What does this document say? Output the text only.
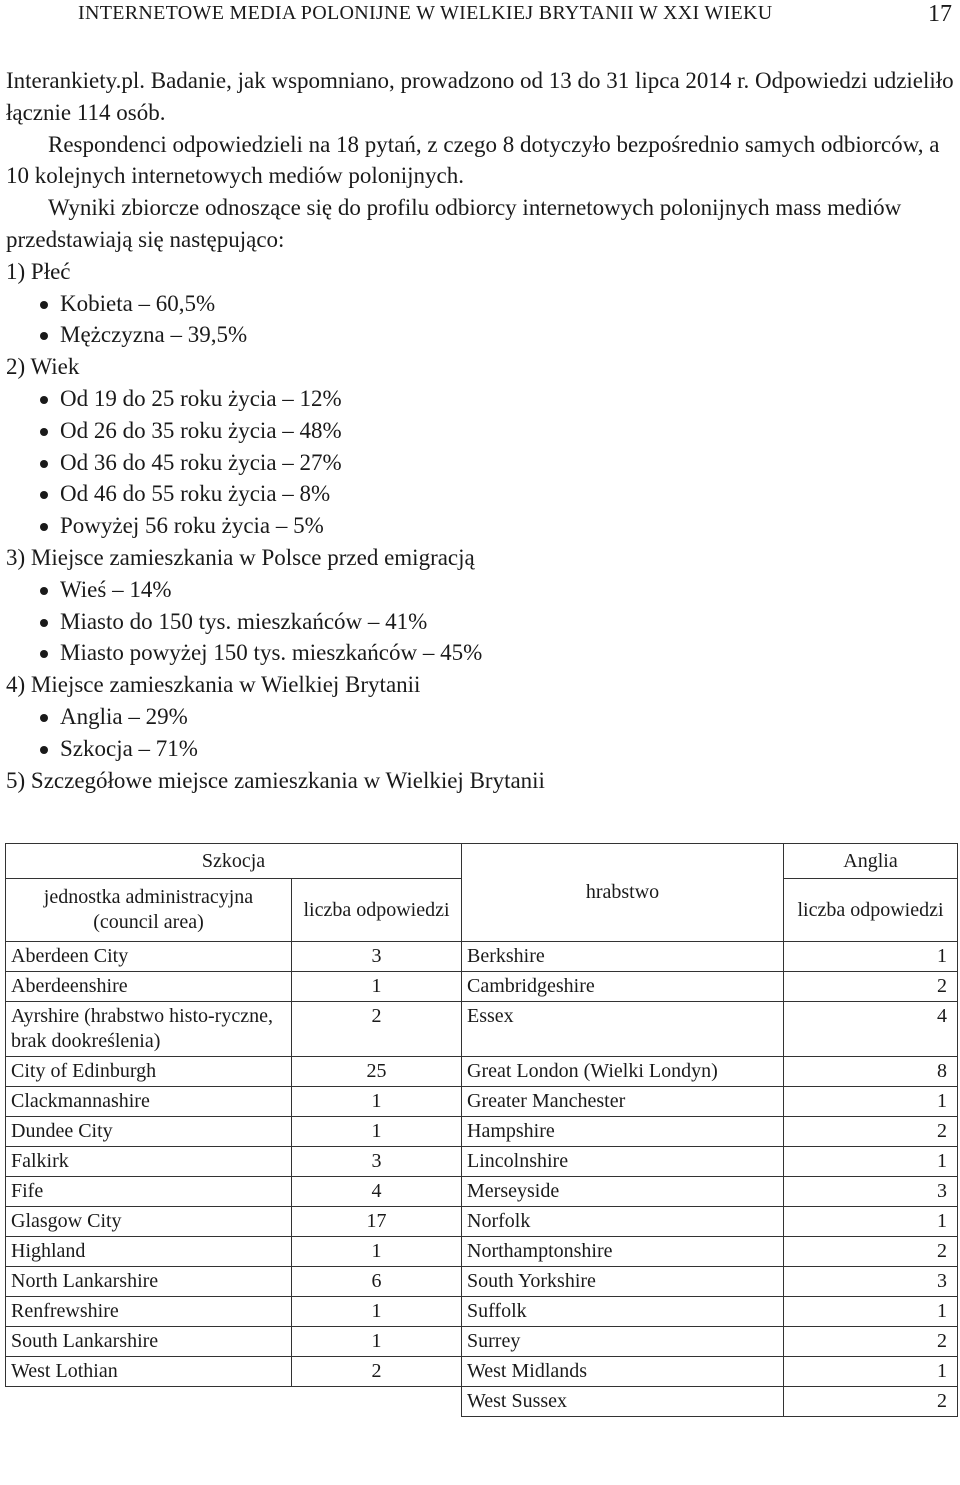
INTERNETOWE MEDIA POLONIJNE W WIELKIEJ BRYTANII W XXI WIEKU	17

Interankiety.pl. Badanie, jak wspomniano, prowadzono od 13 do 31 lipca 2014 r. Odpowiedzi udzieliło łącznie 114 osób.

Respondenci odpowiedzieli na 18 pytań, z czego 8 dotyczyło bezpośrednio samych odbiorców, a 10 kolejnych internetowych mediów polonijnych.

Wyniki zbiorcze odnoszące się do profilu odbiorcy internetowych polonijnych mass mediów przedstawiają się następująco:

1) Płeć

Kobieta – 60,5%
Mężczyzna – 39,5%

2) Wiek

Od 19 do 25 roku życia – 12%
Od 26 do 35 roku życia – 48%
Od 36 do 45 roku życia – 27%
Od 46 do 55 roku życia – 8%
Powyżej 56 roku życia – 5%

3) Miejsce zamieszkania w Polsce przed emigracją

Wieś – 14%
Miasto do 150 tys. mieszkańców – 41%
Miasto powyżej 150 tys. mieszkańców – 45%

4) Miejsce zamieszkania w Wielkiej Brytanii

Anglia – 29%
Szkocja – 71%

5) Szczegółowe miejsce zamieszkania w Wielkiej Brytanii

Szkocja		hrabstwo	Anglia
jednostka administracyjna (council area)	liczba odpowiedzi		liczba odpowiedzi
Aberdeen City	3	Berkshire	1
Aberdeenshire	1	Cambridgeshire	2
Ayrshire (hrabstwo histo-ryczne, brak dookreślenia)	2	Essex	4
City of Edinburgh	25	Great London (Wielki Londyn)	8
Clackmannashire	1	Greater Manchester	1
Dundee City	1	Hampshire	2
Falkirk	3	Lincolnshire	1
Fife	4	Merseyside	3
Glasgow City	17	Norfolk	1
Highland	1	Northamptonshire	2
North Lankarshire	6	South Yorkshire	3
Renfrewshire	1	Suffolk	1
South Lankarshire	1	Surrey	2
West Lothian	2	West Midlands	1
		West Sussex	2
